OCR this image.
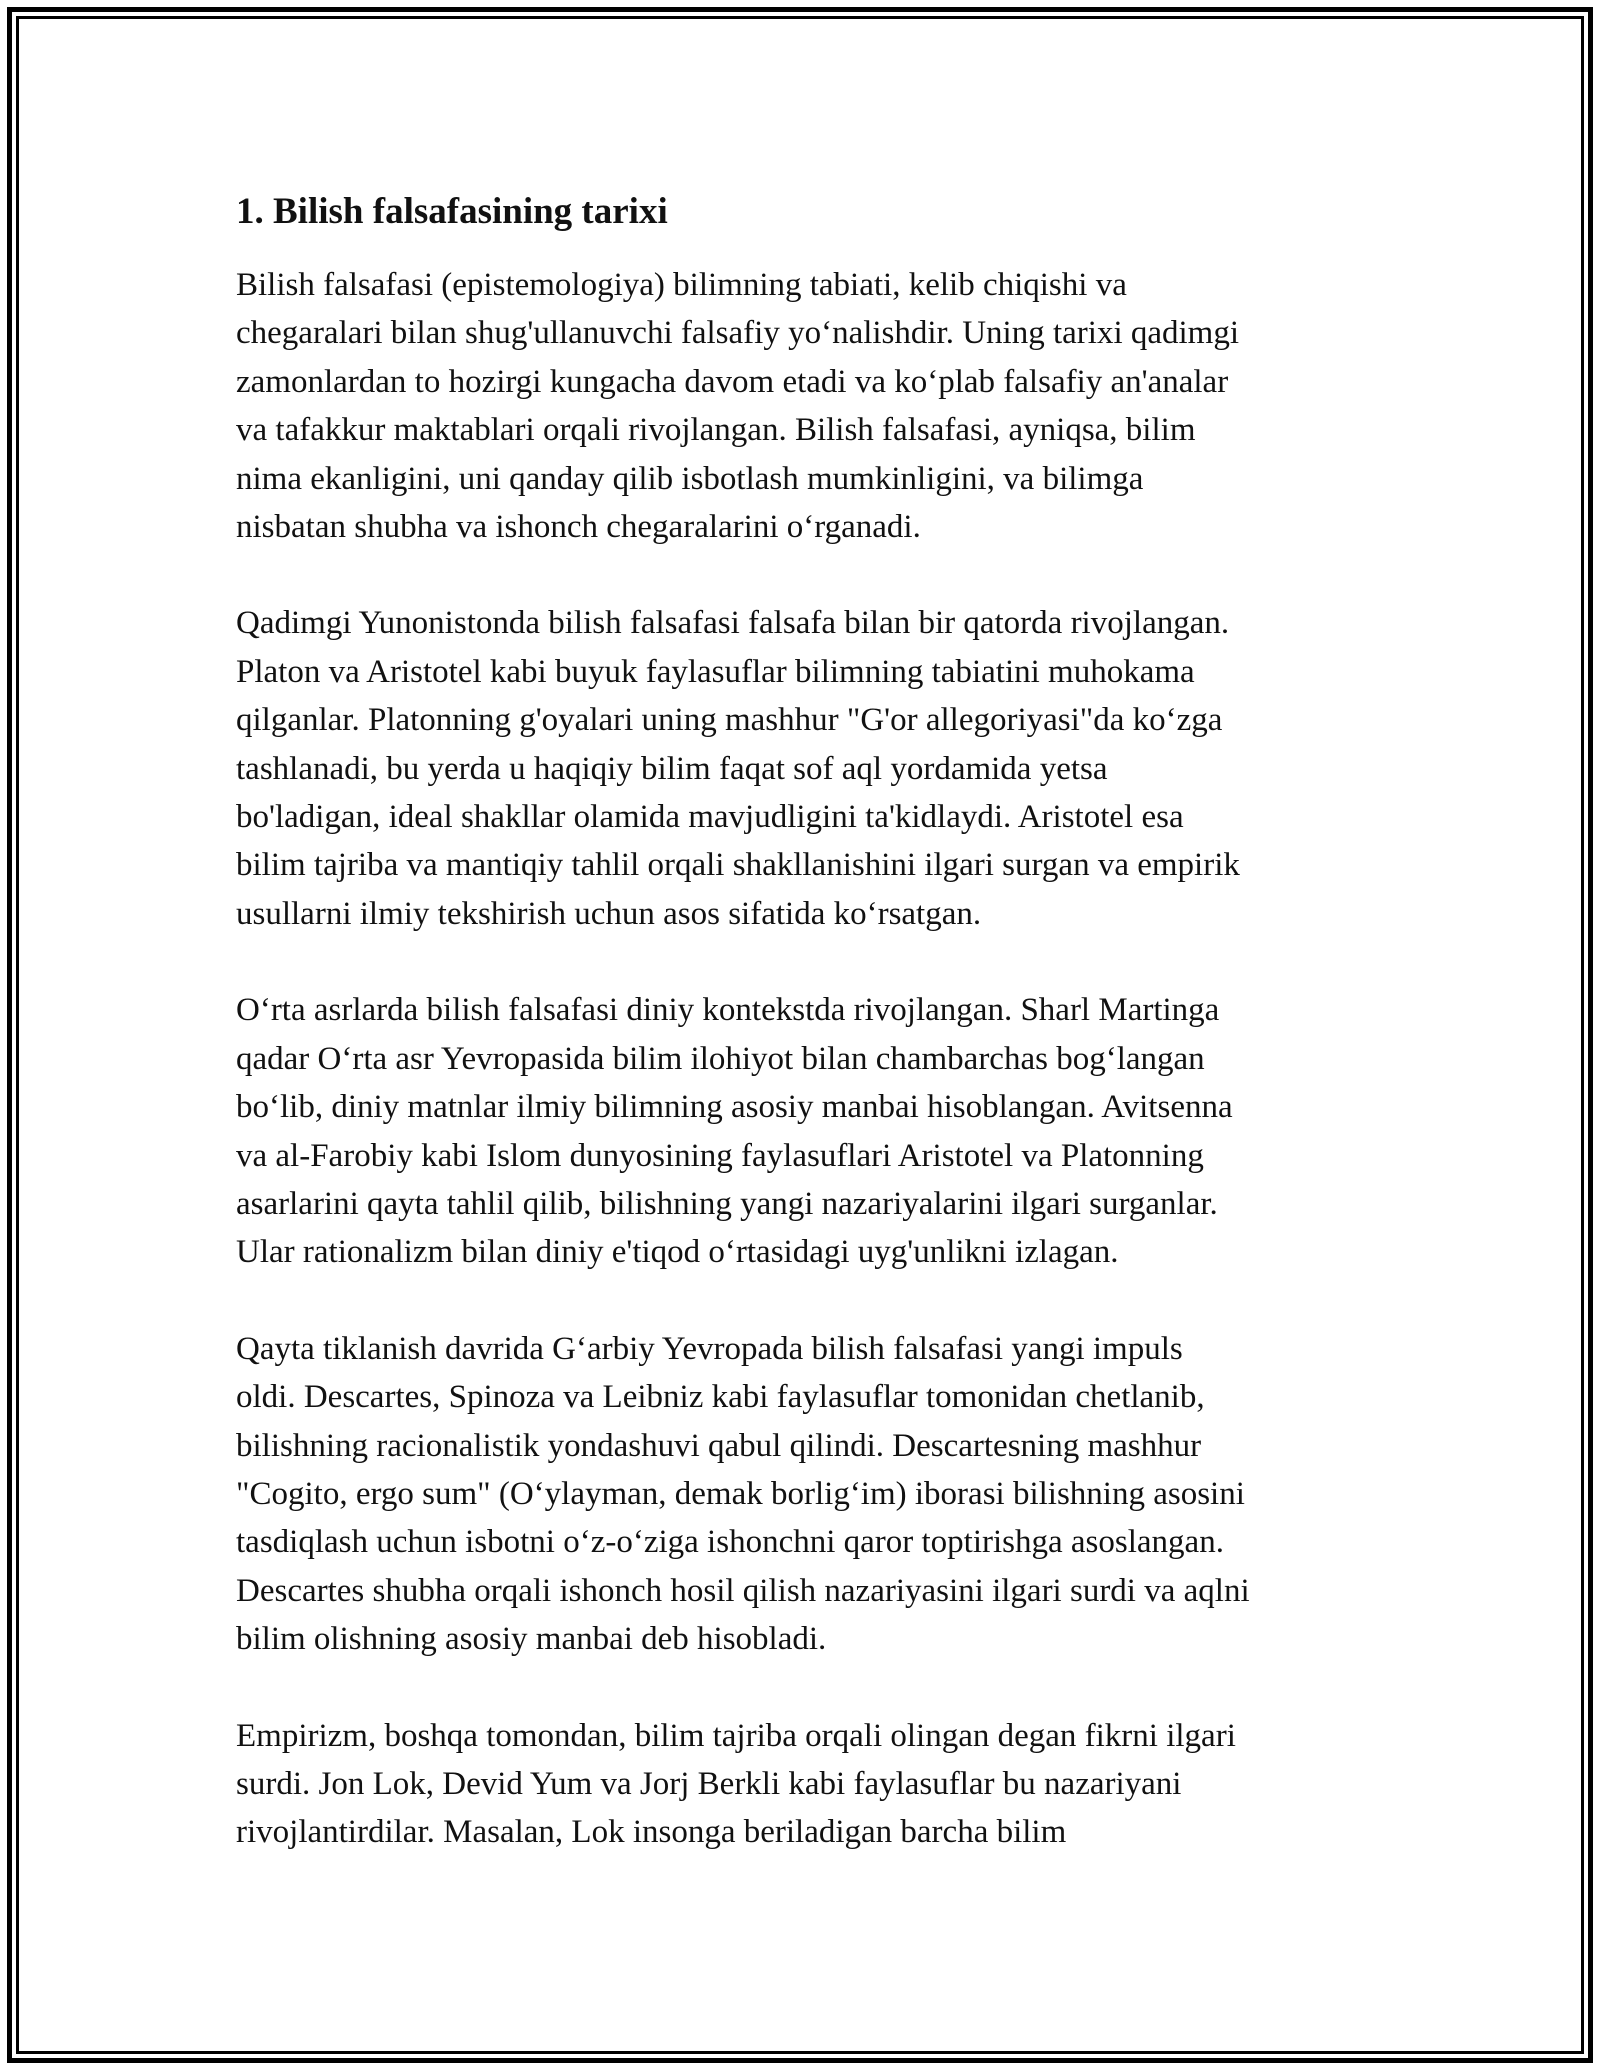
1. Bilish falsafasining tarixi

Bilish falsafasi (epistemologiya) bilimning tabiati, kelib chiqishi va
chegaralari bilan shug'ullanuvchi falsafiy yo‘nalishdir. Uning tarixi qadimgi
zamonlardan to hozirgi kungacha davom etadi va ko‘plab falsafiy an'analar
va tafakkur maktablari orqali rivojlangan. Bilish falsafasi, ayniqsa, bilim
nima ekanligini, uni qanday qilib isbotlash mumkinligini, va bilimga
nisbatan shubha va ishonch chegaralarini o‘rganadi.

Qadimgi Yunonistonda bilish falsafasi falsafa bilan bir qatorda rivojlangan.
Platon va Aristotel kabi buyuk faylasuflar bilimning tabiatini muhokama
qilganlar. Platonning g'oyalari uning mashhur "G'or allegoriyasi"da ko‘zga
tashlanadi, bu yerda u haqiqiy bilim faqat sof aql yordamida yetsa
bo'ladigan, ideal shakllar olamida mavjudligini ta'kidlaydi. Aristotel esa
bilim tajriba va mantiqiy tahlil orqali shakllanishini ilgari surgan va empirik
usullarni ilmiy tekshirish uchun asos sifatida ko‘rsatgan.

O‘rta asrlarda bilish falsafasi diniy kontekstda rivojlangan. Sharl Martinga
qadar O‘rta asr Yevropasida bilim ilohiyot bilan chambarchas bog‘langan
bo‘lib, diniy matnlar ilmiy bilimning asosiy manbai hisoblangan. Avitsenna
va al-Farobiy kabi Islom dunyosining faylasuflari Aristotel va Platonning
asarlarini qayta tahlil qilib, bilishning yangi nazariyalarini ilgari surganlar.
Ular rationalizm bilan diniy e'tiqod o‘rtasidagi uyg'unlikni izlagan.

Qayta tiklanish davrida G‘arbiy Yevropada bilish falsafasi yangi impuls
oldi. Descartes, Spinoza va Leibniz kabi faylasuflar tomonidan chetlanib,
bilishning racionalistik yondashuvi qabul qilindi. Descartesning mashhur
"Cogito, ergo sum" (O‘ylayman, demak borlig‘im) iborasi bilishning asosini
tasdiqlash uchun isbotni o‘z-o‘ziga ishonchni qaror toptirishga asoslangan.
Descartes shubha orqali ishonch hosil qilish nazariyasini ilgari surdi va aqlni
bilim olishning asosiy manbai deb hisobladi.

Empirizm, boshqa tomondan, bilim tajriba orqali olingan degan fikrni ilgari
surdi. Jon Lok, Devid Yum va Jorj Berkli kabi faylasuflar bu nazariyani
rivojlantirdilar. Masalan, Lok insonga beriladigan barcha bilim
